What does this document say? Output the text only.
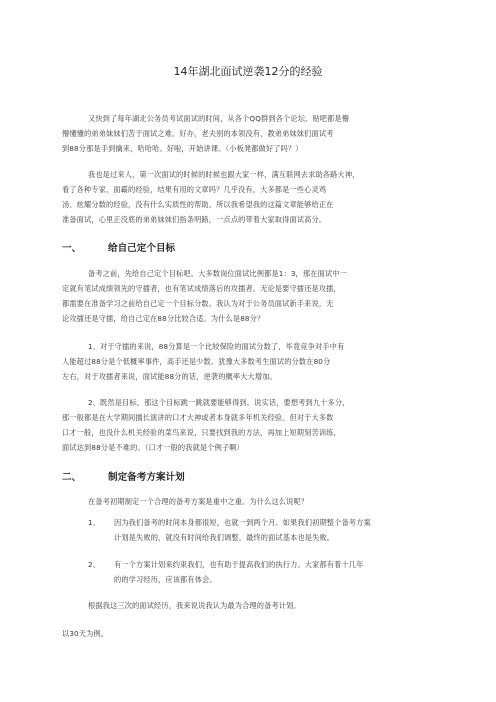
14年湖北面试逆袭12分的经验
又快到了每年湖北公务员考试面试的时间，从各个QQ群到各个论坛、贴吧都是懵
懵懂懂的弟弟妹妹们苦于面试之难。好办，老夫别的本领没有，教弟弟妹妹们面试考
到88分那是手到擒来，哈哈哈。好啦，开始讲课。（小板凳都做好了吗？）
我也是过来人，第一次面试的时候的时候也跟大家一样，满互联网去求助各路大神，
看了各种专家、面霸的经验，结果有用的文章吗？几乎没有，大多都是一些心灵鸡
汤、炫耀分数的经验，没有什么实质性的帮助。所以我希望我的这篇文章能够给正在
准备面试，心里正没底的弟弟妹妹们指条明路，一点点的带着大家取得面试高分。
一、	给自己定个目标
备考之前，先给自己定个目标吧。大多数岗位面试比例都是1：3，那在面试中一
定就有笔试成绩领先的守擂者，也有笔试成绩落后的攻擂者。无论是要守擂还是攻擂，
都需要在准备学习之前给自己定一个目标分数。我认为对于公务员面试新手来说，无
论攻擂还是守擂，给自己定在88分比较合适。为什么是88分？
1、对于守擂的来说，88分算是一个比较保险的面试分数了，毕竟竞争对手中有
人能超过88分是个低概率事件，高手还是少数。犹豫大多数考生面试的分数在80分
左右，对于攻擂者来说，面试能88分的话，逆袭的概率大大增加。
2、既然是目标，那这个目标跳一跳就要能够得到。说实话，要想考到九十多分，
那一般都是在大学期间擅长演讲的口才大神或者本身就多年机关经验。但对于大多数
口才一般，也没什么机关经验的菜鸟来说，只要找到我的方法，再加上短期刻苦训练，
面试达到88分是不难的。（口才一般的我就是个例子啊）
二、	制定备考方案计划
在备考初期制定一个合理的备考方案是重中之重。为什么这么说呢？
1、 因为我们备考的时间本身都很短，也就一到两个月。如果我们初期整个备考方案
计划是失败的，就没有时间给我们调整，最终的面试基本也是失败。
2、 有一个方案计划来约束我们，也有助于提高我们的执行力。大家都有着十几年
的的学习经历，应该都有体会。
根据我这三次的面试经历，我来说说我认为最为合理的备考计划。
以30天为例。
